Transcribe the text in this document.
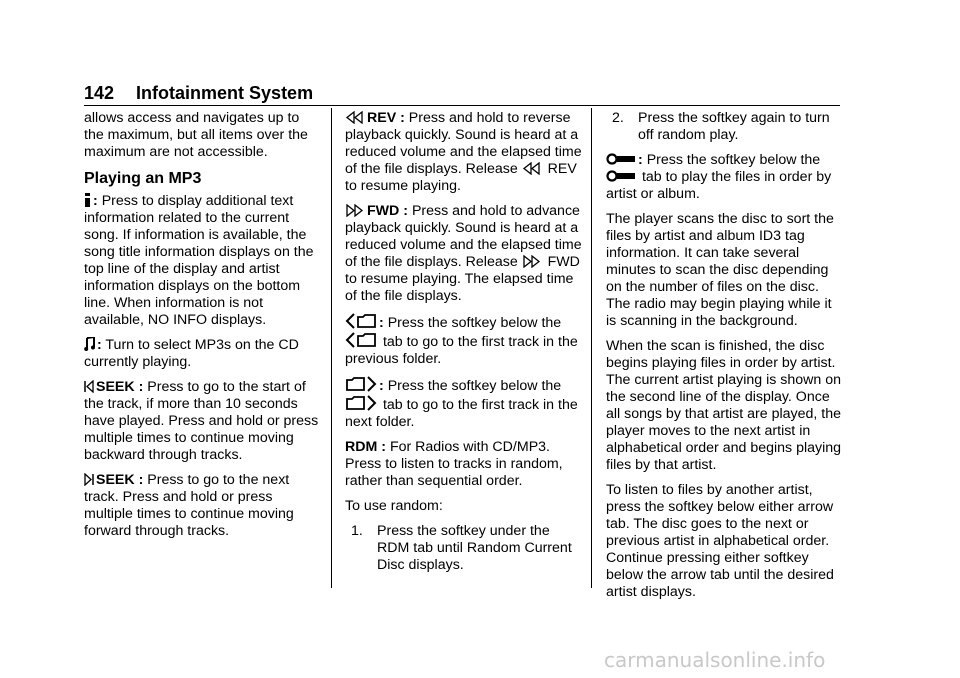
142 Infotainment System

allows access and navigates up to the maximum, but all items over the maximum are not accessible.

Playing an MP3

: Press to display additional text information related to the current song. If information is available, the song title information displays on the top line of the display and artist information displays on the bottom line. When information is not available, NO INFO displays.

: Turn to select MP3s on the CD currently playing.

SEEK : Press to go to the start of the track, if more than 10 seconds have played. Press and hold or press multiple times to continue moving backward through tracks.

SEEK : Press to go to the next track. Press and hold or press multiple times to continue moving forward through tracks.

REV : Press and hold to reverse playback quickly. Sound is heard at a reduced volume and the elapsed time of the file displays. Release REV to resume playing.

FWD : Press and hold to advance playback quickly. Sound is heard at a reduced volume and the elapsed time of the file displays. Release FWD to resume playing. The elapsed time of the file displays.

: Press the softkey below the
tab to go to the first track in the previous folder.

: Press the softkey below the
tab to go to the first track in the next folder.

RDM : For Radios with CD/MP3. Press to listen to tracks in random, rather than sequential order.

To use random:

1. Press the softkey under the RDM tab until Random Current Disc displays.
2. Press the softkey again to turn off random play.

: Press the softkey below the
tab to play the files in order by artist or album.

The player scans the disc to sort the files by artist and album ID3 tag information. It can take several minutes to scan the disc depending on the number of files on the disc. The radio may begin playing while it is scanning in the background.

When the scan is finished, the disc begins playing files in order by artist. The current artist playing is shown on the second line of the display. Once all songs by that artist are played, the player moves to the next artist in alphabetical order and begins playing files by that artist.

To listen to files by another artist, press the softkey below either arrow tab. The disc goes to the next or previous artist in alphabetical order. Continue pressing either softkey below the arrow tab until the desired artist displays.

carmanualsonline.info
